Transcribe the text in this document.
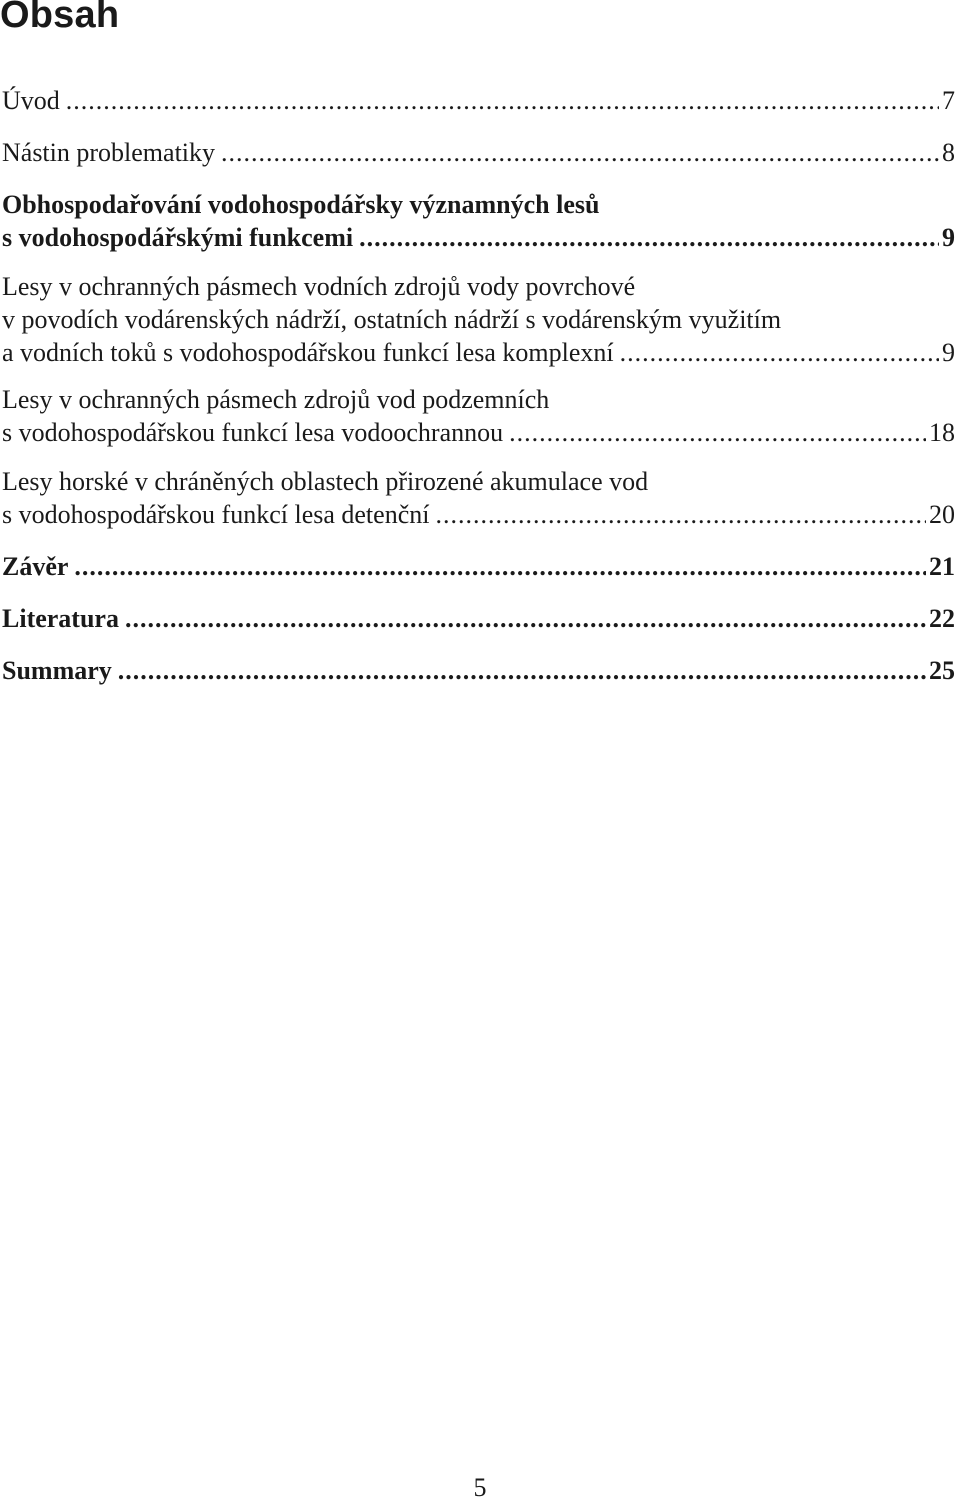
Obsah
Úvod .....	7
Nástin problematiky .....	8
Obhospodařování vodohospodářsky významných lesů
s vodohospodářskými funkcemi .....	9
Lesy v ochranných pásmech vodních zdrojů vody povrchové
v povodích vodárenských nádrží, ostatních nádrží s vodárenským využitím
a vodních toků s vodohospodářskou funkcí lesa komplexní .....	9
Lesy v ochranných pásmech zdrojů vod podzemních
s vodohospodářskou funkcí lesa vodoochrannou .....	18
Lesy horské v chráněných oblastech přirozené akumulace vod
s vodohospodářskou funkcí lesa detenční .....	20
Závěr .....	21
Literatura .....	22
Summary .....	25
5
